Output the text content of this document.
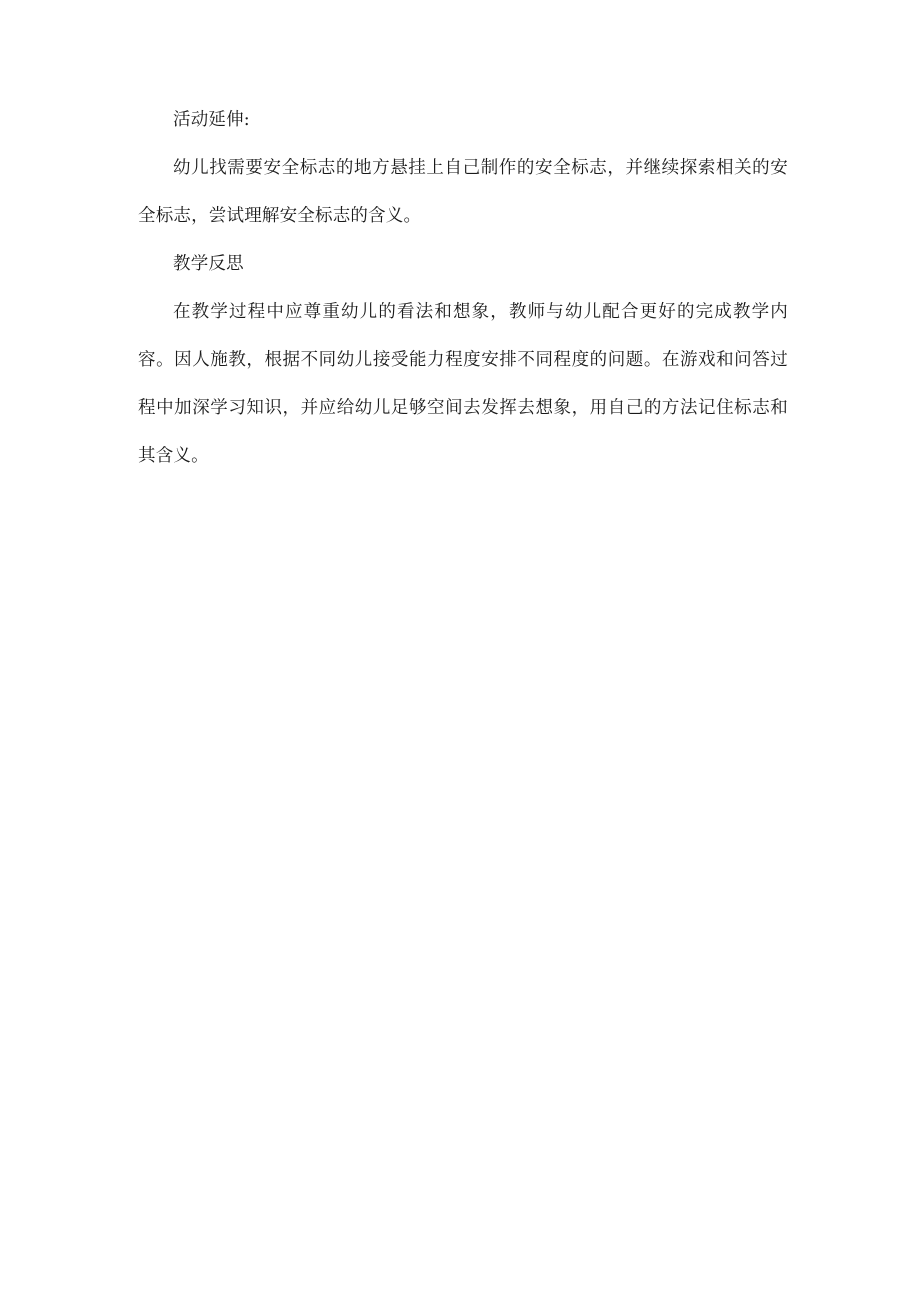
活动延伸:

幼儿找需要安全标志的地方悬挂上自己制作的安全标志，并继续探索相关的安全标志，尝试理解安全标志的含义。

教学反思

在教学过程中应尊重幼儿的看法和想象，教师与幼儿配合更好的完成教学内容。因人施教，根据不同幼儿接受能力程度安排不同程度的问题。在游戏和问答过程中加深学习知识，并应给幼儿足够空间去发挥去想象，用自己的方法记住标志和其含义。
